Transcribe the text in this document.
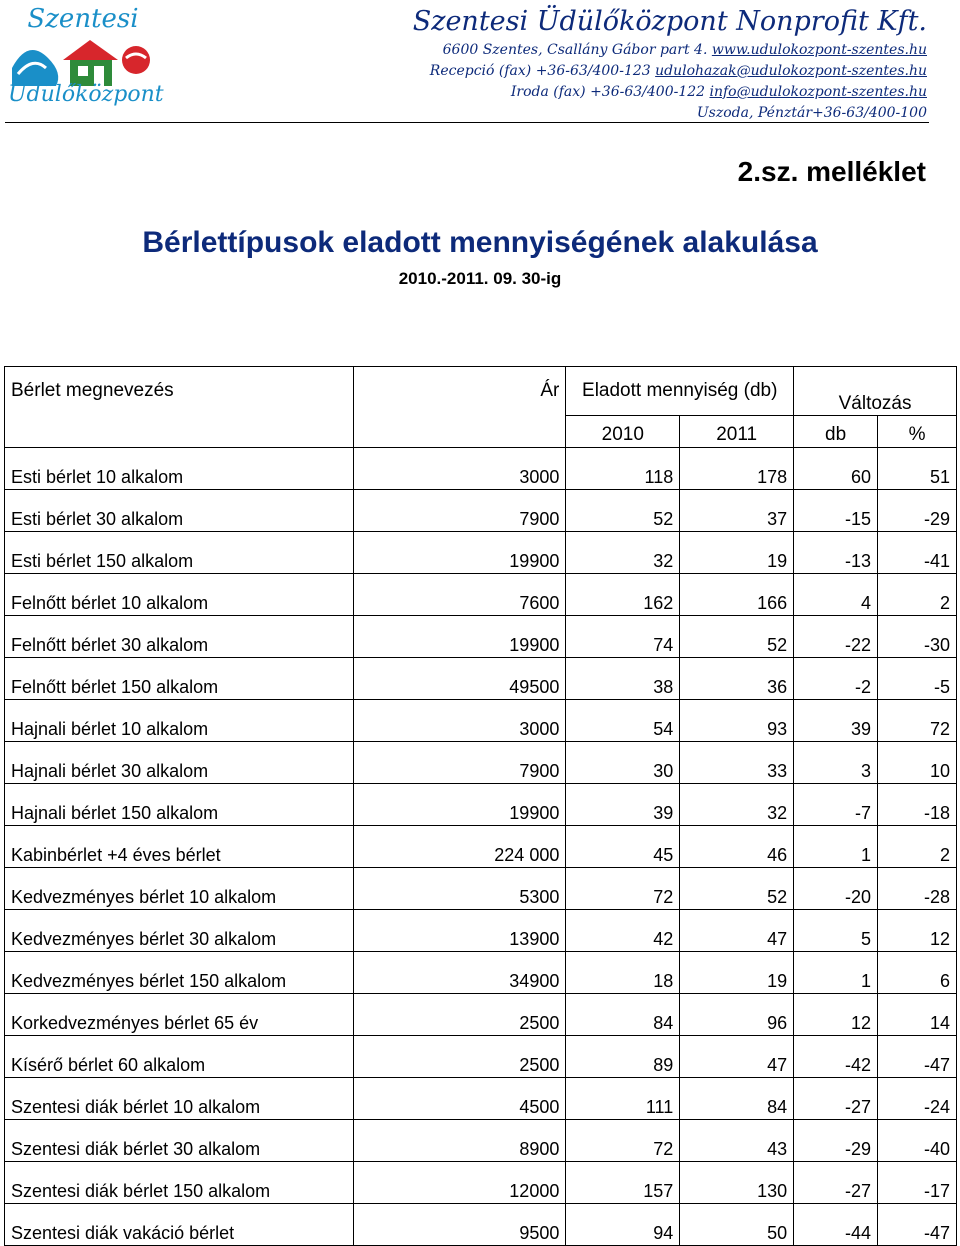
Szentesi
Üdülőközpont
Szentesi Üdülőközpont Nonprofit Kft.
6600 Szentes, Csallány Gábor part 4. www.udulokozpont-szentes.hu
Recepció (fax) +36-63/400-123 udulohazak@udulokozpont-szentes.hu
Iroda (fax) +36-63/400-122 info@udulokozpont-szentes.hu
Uszoda, Pénztár+36-63/400-100
2.sz. melléklet
Bérlettípusok eladott mennyiségének alakulása
2010.-2011. 09. 30-ig
Bérlet megnevezés	Ár	Eladott mennyiség (db)		Változás	
		2010	2011	db	%
Esti bérlet 10 alkalom	3000	118	178	60	51
Esti bérlet 30 alkalom	7900	52	37	-15	-29
Esti bérlet 150 alkalom	19900	32	19	-13	-41
Felnőtt bérlet 10 alkalom	7600	162	166	4	2
Felnőtt bérlet 30 alkalom	19900	74	52	-22	-30
Felnőtt bérlet 150 alkalom	49500	38	36	-2	-5
Hajnali bérlet 10 alkalom	3000	54	93	39	72
Hajnali bérlet 30 alkalom	7900	30	33	3	10
Hajnali bérlet 150 alkalom	19900	39	32	-7	-18
Kabinbérlet +4 éves bérlet	224 000	45	46	1	2
Kedvezményes bérlet 10 alkalom	5300	72	52	-20	-28
Kedvezményes bérlet 30 alkalom	13900	42	47	5	12
Kedvezményes bérlet 150 alkalom	34900	18	19	1	6
Korkedvezményes bérlet 65 év	2500	84	96	12	14
Kísérő bérlet 60 alkalom	2500	89	47	-42	-47
Szentesi diák bérlet 10 alkalom	4500	111	84	-27	-24
Szentesi diák bérlet 30 alkalom	8900	72	43	-29	-40
Szentesi diák bérlet 150 alkalom	12000	157	130	-27	-17
Szentesi diák vakáció bérlet	9500	94	50	-44	-47
